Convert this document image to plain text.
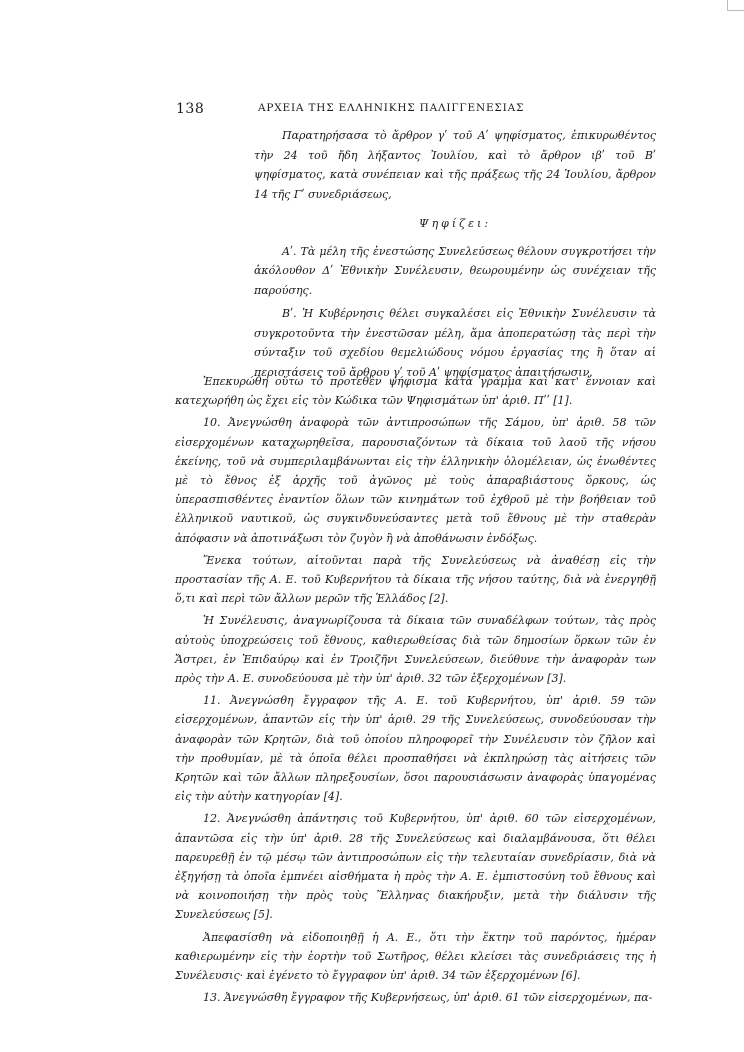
138	ΑΡΧΕΙΑ ΤΗΣ ΕΛΛΗΝΙΚΗΣ ΠΑΛΙΓΓΕΝΕΣΙΑΣ

Παρατηρήσασα τὸ ἄρθρον γʹ τοῦ Αʹ ψηφίσματος, ἐπικυρωθέντος τὴν 24 τοῦ ἤδη λήξαντος Ἰουλίου, καὶ τὸ ἄρθρον ιβʹ τοῦ Βʹ ψηφίσματος, κατὰ συνέπειαν καὶ τῆς πράξεως τῆς 24 Ἰουλίου, ἄρθρον 14 τῆς Γʹ συνεδριάσεως,

Ψηφίζει:

Αʹ. Τὰ μέλη τῆς ἐνεστώσης Συνελεύσεως θέλουν συγκροτήσει τὴν ἀκόλουθον Δʹ Ἐθνικὴν Συνέλευσιν, θεωρουμένην ὡς συνέχειαν τῆς παρούσης.

Βʹ. Ἡ Κυβέρνησις θέλει συγκαλέσει εἰς Ἐθνικὴν Συνέλευσιν τὰ συγκροτοῦντα τὴν ἐνεστῶσαν μέλη, ἅμα ἀποπερατώσῃ τὰς περὶ τὴν σύνταξιν τοῦ σχεδίου θεμελιώδους νόμου ἐργασίας της ἢ ὅταν αἱ περιστάσεις τοῦ ἄρθρου γʹ τοῦ Αʹ ψηφίσματος ἀπαιτήσωσιν.

Ἐπεκυρώθη οὕτω τὸ προτεθὲν ψήφισμα κατὰ γράμμα καὶ κατ' ἔννοιαν καὶ κατεχωρήθη ὡς ἔχει εἰς τὸν Κώδικα τῶν Ψηφισμάτων ὑπ' ἀριθ. Πʹʹ [1].

10. Ἀνεγνώσθη ἀναφορὰ τῶν ἀντιπροσώπων τῆς Σάμου, ὑπ' ἀριθ. 58 τῶν εἰσερχομένων καταχωρηθεῖσα, παρουσιαζόντων τὰ δίκαια τοῦ λαοῦ τῆς νήσου ἐκείνης, τοῦ νὰ συμπεριλαμβάνωνται εἰς τὴν ἑλληνικὴν ὁλομέλειαν, ὡς ἑνωθέντες μὲ τὸ ἔθνος ἐξ ἀρχῆς τοῦ ἀγῶνος μὲ τοὺς ἀπαραβιάστους ὅρκους, ὡς ὑπερασπισθέντες ἐναντίον ὅλων τῶν κινημάτων τοῦ ἐχθροῦ μὲ τὴν βοήθειαν τοῦ ἑλληνικοῦ ναυτικοῦ, ὡς συγκινδυνεύσαντες μετὰ τοῦ ἔθνους μὲ τὴν σταθερὰν ἀπόφασιν νὰ ἀποτινάξωσι τὸν ζυγὸν ἢ νὰ ἀποθάνωσιν ἐνδόξως.

Ἕνεκα τούτων, αἰτοῦνται παρὰ τῆς Συνελεύσεως νὰ ἀναθέσῃ εἰς τὴν προστασίαν τῆς Α. Ε. τοῦ Κυβερνήτου τὰ δίκαια τῆς νήσου ταύτης, διὰ νὰ ἐνεργηθῇ ὅ,τι καὶ περὶ τῶν ἄλλων μερῶν τῆς Ἑλλάδος [2].

Ἡ Συνέλευσις, ἀναγνωρίζουσα τὰ δίκαια τῶν συναδέλφων τούτων, τὰς πρὸς αὐτοὺς ὑποχρεώσεις τοῦ ἔθνους, καθιερωθείσας διὰ τῶν δημοσίων ὅρκων τῶν ἐν Ἄστρει, ἐν Ἐπιδαύρῳ καὶ ἐν Τροιζῆνι Συνελεύσεων, διεύθυνε τὴν ἀναφορὰν των πρὸς τὴν Α. Ε. συνοδεύουσα μὲ τὴν ὑπ' ἀριθ. 32 τῶν ἐξερχομένων [3].

11. Ἀνεγνώσθη ἔγγραφον τῆς Α. Ε. τοῦ Κυβερνήτου, ὑπ' ἀριθ. 59 τῶν εἰσερχομένων, ἀπαντῶν εἰς τὴν ὑπ' ἀριθ. 29 τῆς Συνελεύσεως, συνοδεύουσαν τὴν ἀναφορὰν τῶν Κρητῶν, διὰ τοῦ ὁποίου πληροφορεῖ τὴν Συνέλευσιν τὸν ζῆλον καὶ τὴν προθυμίαν, μὲ τὰ ὁποῖα θέλει προσπαθήσει νὰ ἐκπληρώσῃ τὰς αἰτήσεις τῶν Κρητῶν καὶ τῶν ἄλλων πληρεξουσίων, ὅσοι παρουσιάσωσιν ἀναφορὰς ὑπαγομένας εἰς τὴν αὐτὴν κατηγορίαν [4].

12. Ἀνεγνώσθη ἀπάντησις τοῦ Κυβερνήτου, ὑπ' ἀριθ. 60 τῶν εἰσερχομένων, ἀπαντῶσα εἰς τὴν ὑπ' ἀριθ. 28 τῆς Συνελεύσεως καὶ διαλαμβάνουσα, ὅτι θέλει παρευρεθῇ ἐν τῷ μέσῳ τῶν ἀντιπροσώπων εἰς τὴν τελευταίαν συνεδρίασιν, διὰ νὰ ἐξηγήσῃ τὰ ὁποῖα ἐμπνέει αἰσθήματα ἡ πρὸς τὴν Α. Ε. ἐμπιστοσύνη τοῦ ἔθνους καὶ νὰ κοινοποιήσῃ τὴν πρὸς τοὺς Ἕλληνας διακήρυξιν, μετὰ τὴν διάλυσιν τῆς Συνελεύσεως [5].

Ἀπεφασίσθη νὰ εἰδοποιηθῇ ἡ Α. Ε., ὅτι τὴν ἕκτην τοῦ παρόντος, ἡμέραν καθιερωμένην εἰς τὴν ἑορτὴν τοῦ Σωτῆρος, θέλει κλείσει τὰς συνεδριάσεις της ἡ Συνέλευσις· καὶ ἐγένετο τὸ ἔγγραφον ὑπ' ἀριθ. 34 τῶν ἐξερχομένων [6].

13. Ἀνεγνώσθη ἔγγραφον τῆς Κυβερνήσεως, ὑπ' ἀριθ. 61 τῶν εἰσερχομένων, πα-
